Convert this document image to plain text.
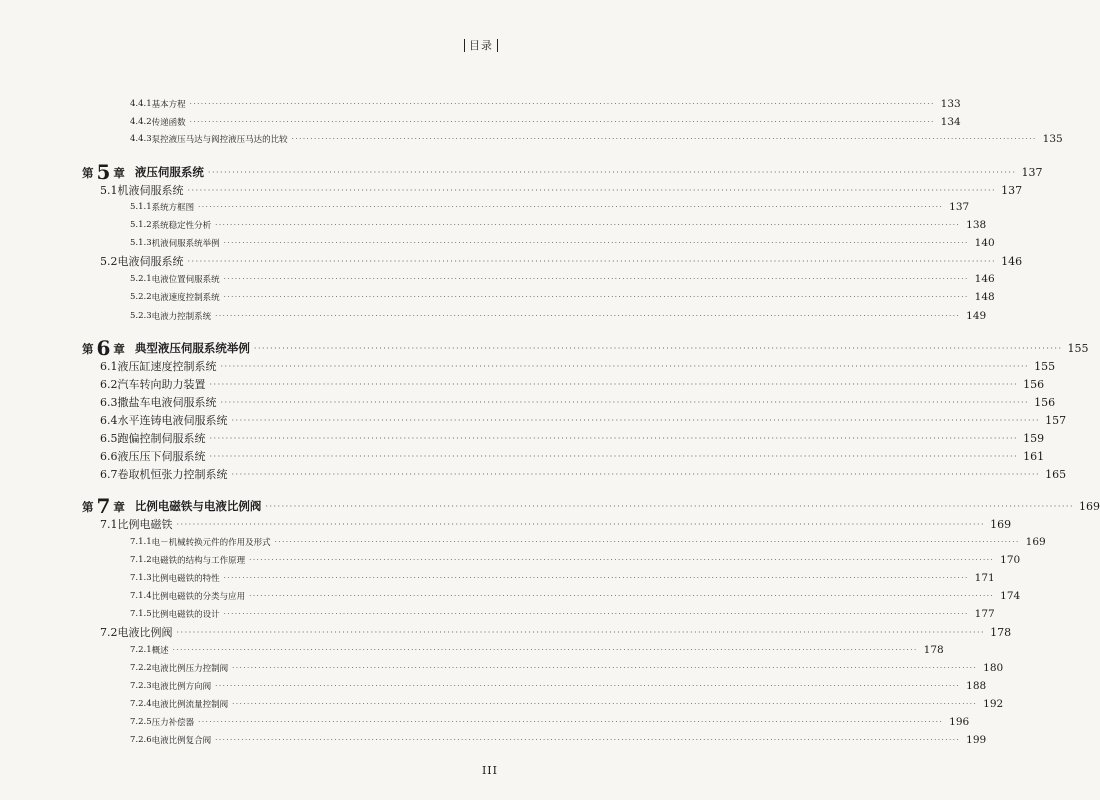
目录
4.4.1 基本方程 ········································································································································································································ 133
4.4.2 传递函数 ········································································································································································································ 134
4.4.3 泵控液压马达与阀控液压马达的比较 ········································································································································································································ 135
第 5 章 液压伺服系统 ········································································································································································································ 137
5.1 机液伺服系统 ········································································································································································································ 137
5.1.1 系统方框图 ········································································································································································································ 137
5.1.2 系统稳定性分析 ········································································································································································································ 138
5.1.3 机液伺服系统举例 ········································································································································································································ 140
5.2 电液伺服系统 ········································································································································································································ 146
5.2.1 电液位置伺服系统 ········································································································································································································ 146
5.2.2 电液速度控制系统 ········································································································································································································ 148
5.2.3 电液力控制系统 ········································································································································································································ 149
第 6 章 典型液压伺服系统举例 ········································································································································································································ 155
6.1 液压缸速度控制系统 ········································································································································································································ 155
6.2 汽车转向助力装置 ········································································································································································································ 156
6.3 撒盐车电液伺服系统 ········································································································································································································ 156
6.4 水平连铸电液伺服系统 ········································································································································································································ 157
6.5 跑偏控制伺服系统 ········································································································································································································ 159
6.6 液压压下伺服系统 ········································································································································································································ 161
6.7 卷取机恒张力控制系统 ········································································································································································································ 165
第 7 章 比例电磁铁与电液比例阀 ········································································································································································································ 169
7.1 比例电磁铁 ········································································································································································································ 169
7.1.1 电－机械转换元件的作用及形式 ········································································································································································································ 169
7.1.2 电磁铁的结构与工作原理 ········································································································································································································ 170
7.1.3 比例电磁铁的特性 ········································································································································································································ 171
7.1.4 比例电磁铁的分类与应用 ········································································································································································································ 174
7.1.5 比例电磁铁的设计 ········································································································································································································ 177
7.2 电液比例阀 ········································································································································································································ 178
7.2.1 概述 ········································································································································································································ 178
7.2.2 电液比例压力控制阀 ········································································································································································································ 180
7.2.3 电液比例方向阀 ········································································································································································································ 188
7.2.4 电液比例流量控制阀 ········································································································································································································ 192
7.2.5 压力补偿器 ········································································································································································································ 196
7.2.6 电液比例复合阀 ········································································································································································································ 199
III
